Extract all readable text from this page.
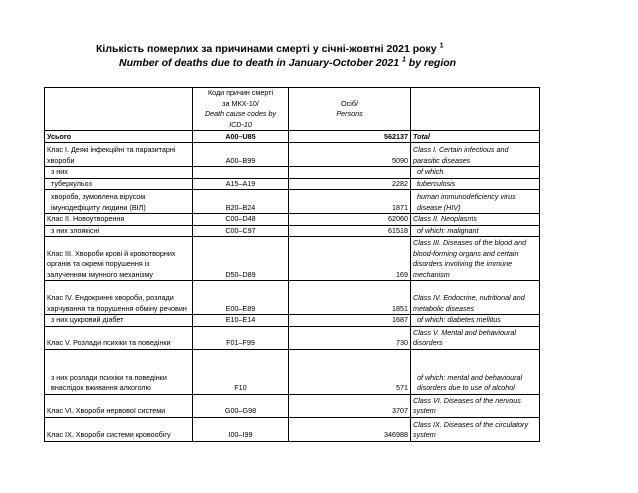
Кількість померлих за причинами смерті у січні-жовтні 2021 року $^1$
Number of deaths due to death in January-October 2021 $^1$ by region

	Коди причин смерті
за МКХ-10/
Death cause codes by
ICD-10	Осіб/
Persons	

Усього	A00–U85	562137	Total
Клас I. Деякі інфекційні та паразитарні хвороби	A00–B99	5090	Class I. Certain infectious and parasitic diseases
з них			of which
туберкульоз	A15–A19	2282	tuberculosis
хвороба, зумовлена вірусом імунодефіциту людини (ВІЛ)	B20–B24	1871	human immunodeficiency virus disease (HIV)
Клас II. Новоутворення	C00–D48	62060	Class II. Neoplasms
з них злоякісні	C00–C97	61518	of which: malignant
Клас III. Хвороби крові й кровотворних органів та окремі порушення із залученням імунного механізму	D50–D89	169	Class III. Diseases of the blood and blood-forming organs and certain disorders involving the immune mechanism
Клас IV. Ендокринні хвороби, розлади харчування та порушення обміну речовин	E00–E89	1851	Class IV. Endocrine, nutritional and metabolic diseases
з них цукровий діабет	E10–E14	1687	of which: diabetes mellitus
Клас V. Розлади психіки та поведінки	F01–F99	730	Class V. Mental and behavioural disorders
з них розлади психіки та поведінки внаслідок вживання алкоголю	F10	571	of which: mental and behavioural disorders due to use of alcohol
Клас VI. Хвороби нервової системи	G00–G98	3707	Class VI. Diseases of the nervous system
Клас IX. Хвороби системи кровообігу	I00–I99	346988	Class IX. Diseases of the circulatory system
